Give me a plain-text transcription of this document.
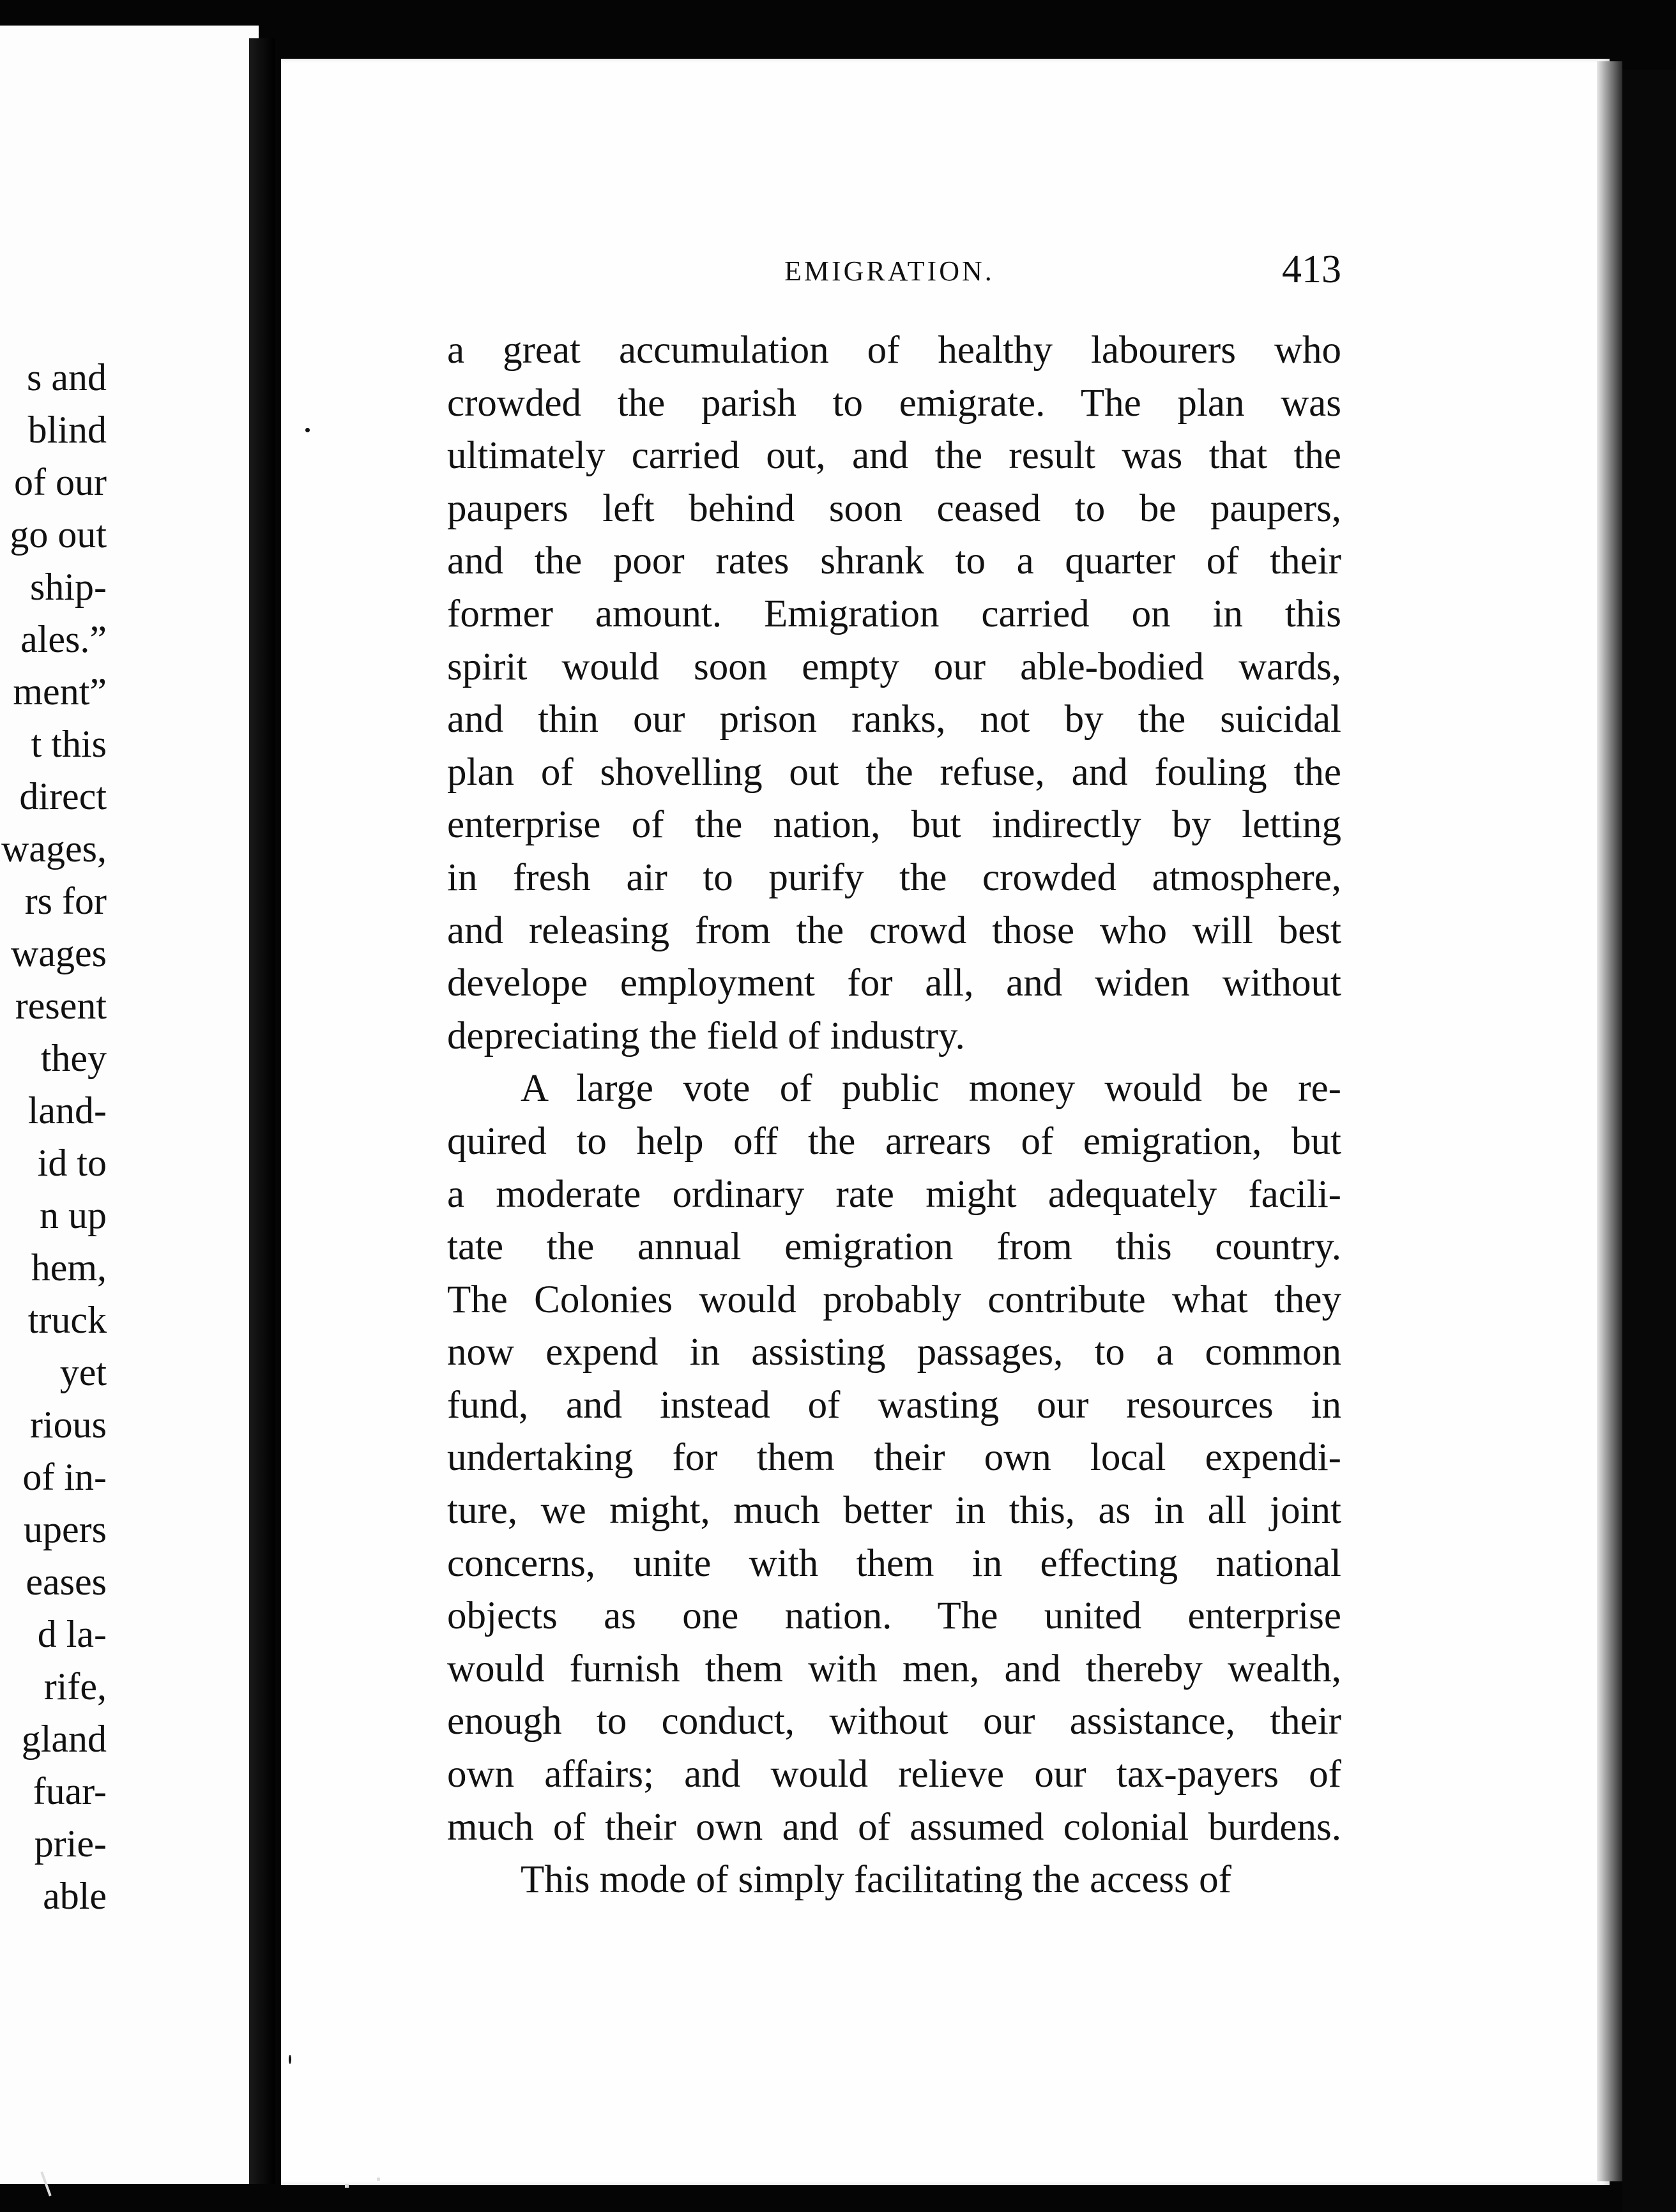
s and
blind
of our
go out
ship-
ales.”
ment”
t this
direct
wages,
rs for
wages
resent
they
land-
id to
n up
hem,
truck
yet
rious
of in-
upers
eases
d la-
rife,
gland
fuar-
prie-
able
EMIGRATION.	413
a great accumulation of healthy labourers who
crowded the parish to emigrate. The plan was
ultimately carried out, and the result was that the
paupers left behind soon ceased to be paupers,
and the poor rates shrank to a quarter of their
former amount. Emigration carried on in this
spirit would soon empty our able-bodied wards,
and thin our prison ranks, not by the suicidal
plan of shovelling out the refuse, and fouling the
enterprise of the nation, but indirectly by letting
in fresh air to purify the crowded atmosphere,
and releasing from the crowd those who will best
develope employment for all, and widen without
depreciating the field of industry.
A large vote of public money would be re-
quired to help off the arrears of emigration, but
a moderate ordinary rate might adequately facili-
tate the annual emigration from this country.
The Colonies would probably contribute what they
now expend in assisting passages, to a common
fund, and instead of wasting our resources in
undertaking for them their own local expendi-
ture, we might, much better in this, as in all joint
concerns, unite with them in effecting national
objects as one nation. The united enterprise
would furnish them with men, and thereby wealth,
enough to conduct, without our assistance, their
own affairs; and would relieve our tax-payers of
much of their own and of assumed colonial burdens.
This mode of simply facilitating the access of
